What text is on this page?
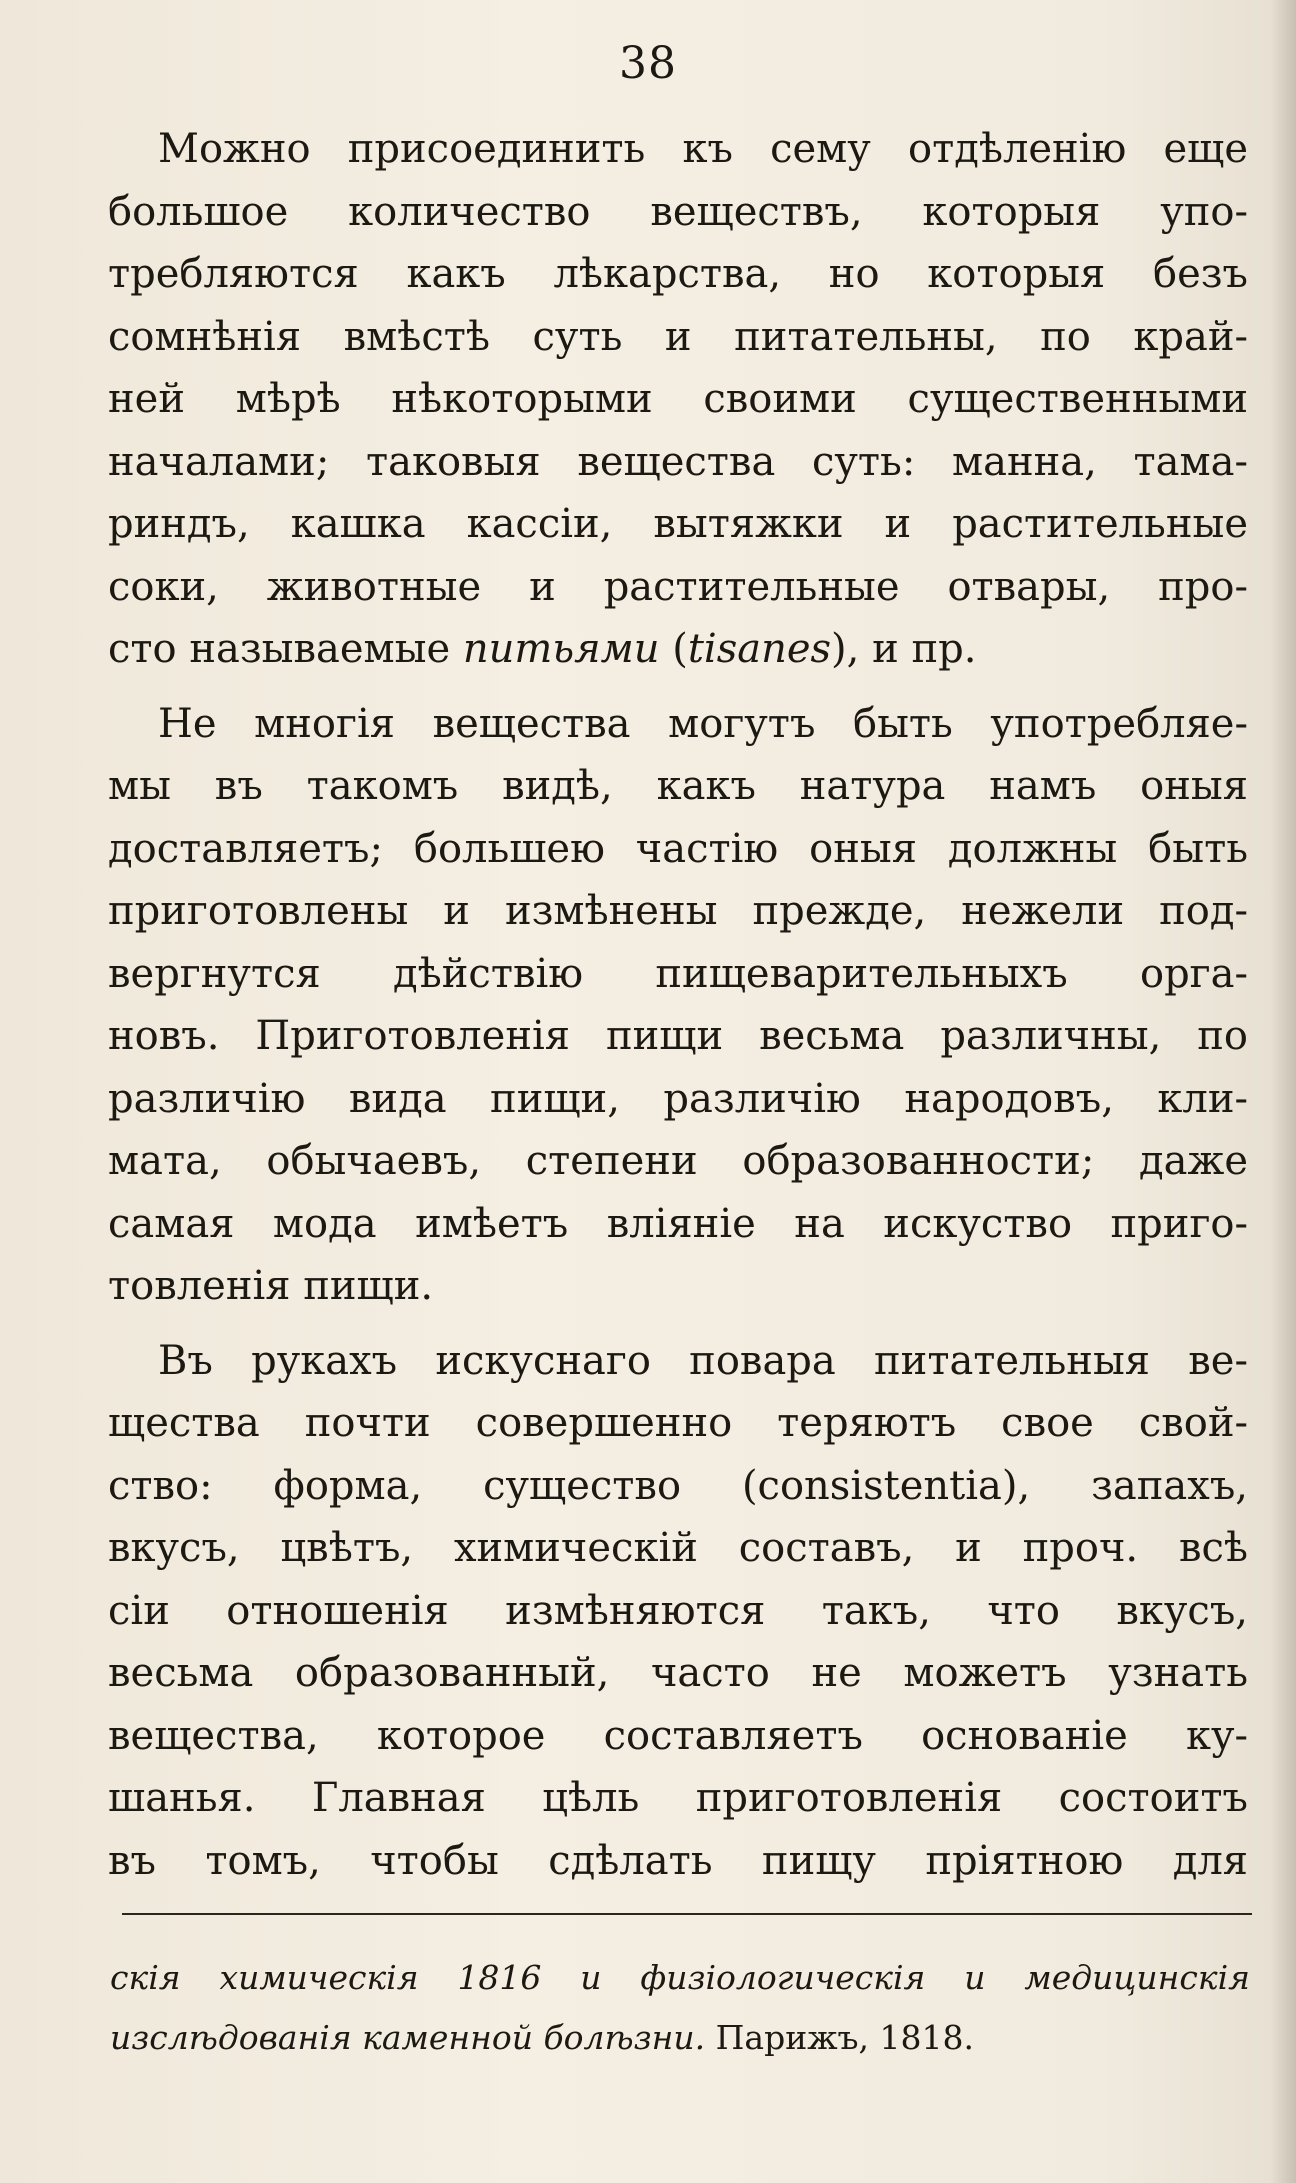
38
Можно присоединить къ сему отдѣленію еще
большое количество веществъ, которыя упо-
требляются какъ лѣкарства, но которыя безъ
сомнѣнія вмѣстѣ суть и питательны, по край-
ней мѣрѣ нѣкоторыми своими существенными
началами; таковыя вещества суть: манна, тама-
риндъ, кашка кассіи, вытяжки и растительные
соки, животные и растительные отвары, про-
сто называемые питьями (tisanes), и пр.
Не многія вещества могутъ быть употребляе-
мы въ такомъ видѣ, какъ натура намъ оныя
доставляетъ; большею частію оныя должны быть
приготовлены и измѣнены прежде, нежели под-
вергнутся дѣйствію пищеварительныхъ орга-
новъ. Приготовленія пищи весьма различны, по
различію вида пищи, различію народовъ, кли-
мата, обычаевъ, степени образованности; даже
самая мода имѣетъ вліяніе на искуство приго-
товленія пищи.
Въ рукахъ искуснаго повара питательныя ве-
щества почти совершенно теряютъ свое свой-
ство: форма, существо (consistentia), запахъ,
вкусъ, цвѣтъ, химическій составъ, и проч. всѣ
сіи отношенія измѣняются такъ, что вкусъ,
весьма образованный, часто не можетъ узнать
вещества, которое составляетъ основаніе ку-
шанья. Главная цѣль приготовленія состоитъ
въ томъ, чтобы сдѣлать пищу пріятною для
скiя химическія 1816 и физіологическія и медицинскія
изслѣдованія каменной болѣзни. Парижъ, 1818.
